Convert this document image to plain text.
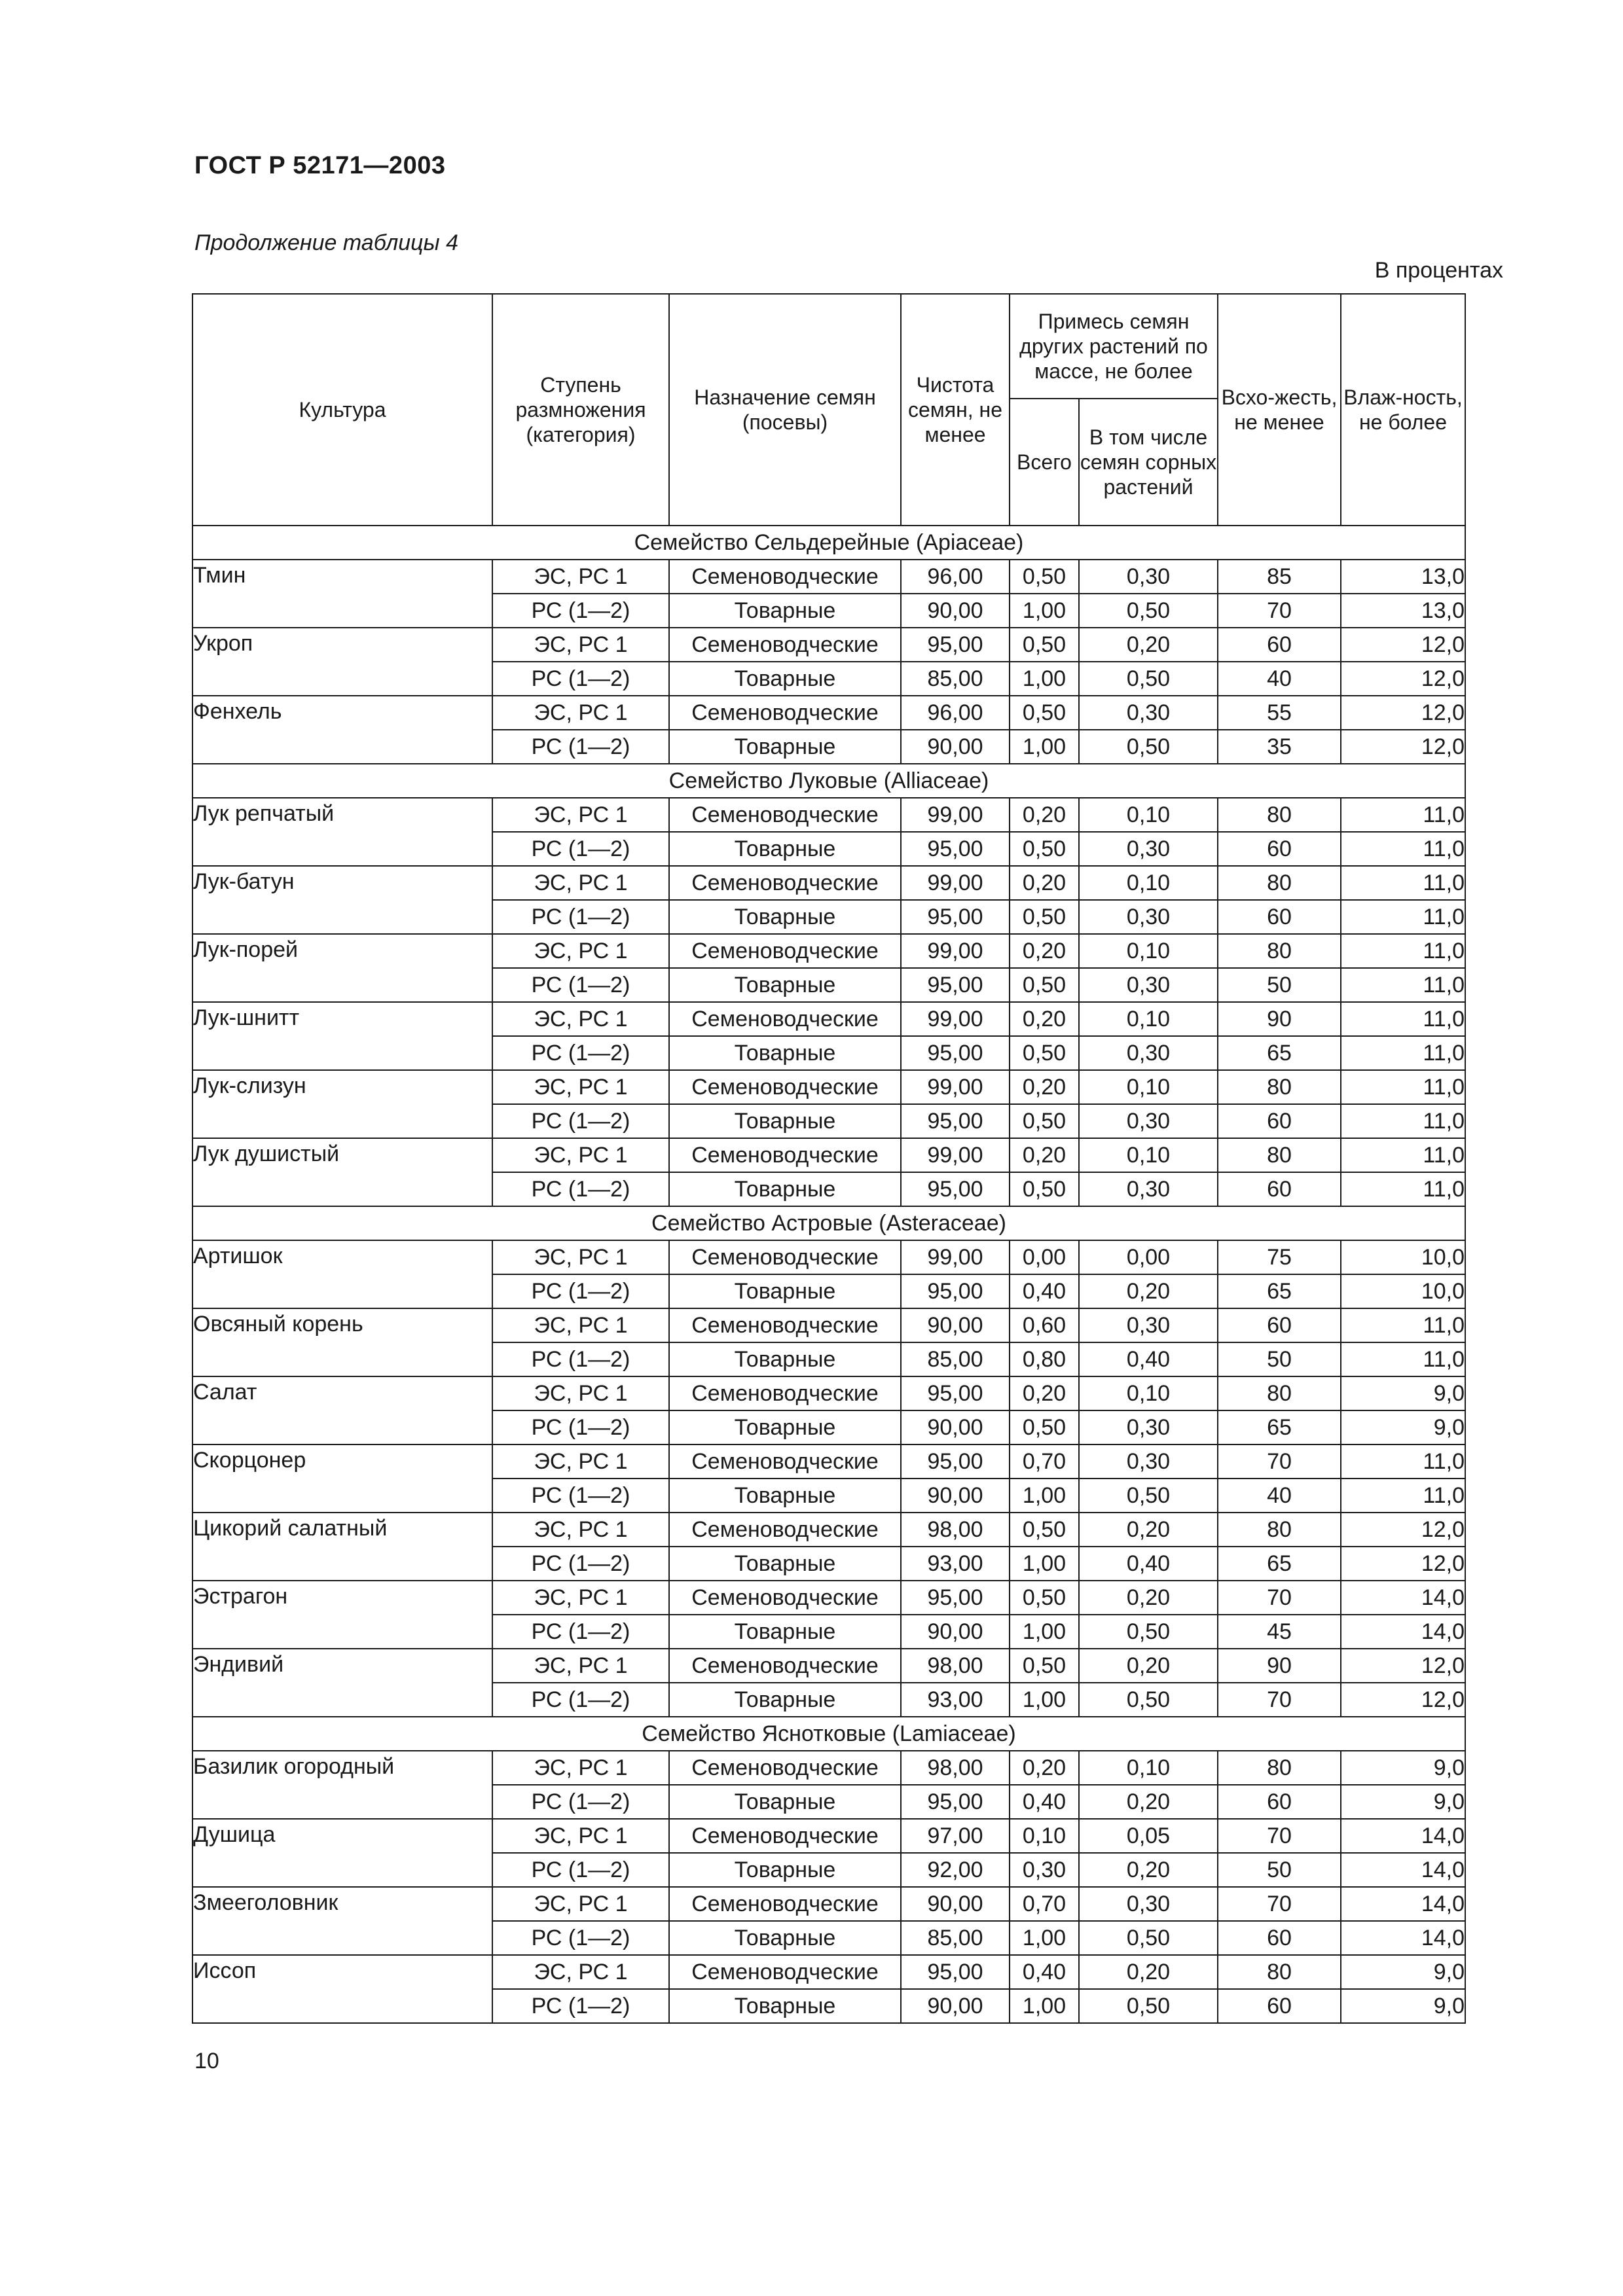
ГОСТ Р 52171—2003
Продолжение таблицы 4
В процентах
Культура	Ступень размножения (категория)	Назначение семян (посевы)	Чистота семян, не менее	Примесь семян других растений по массе, не более		Всхо-жесть, не менее	Влаж-ность, не более
				Всего	В том числе семян сорных растений		
Семейство Сельдерейные (Apiaceae)							
Тмин	ЭС, РС 1	Семеноводческие	96,00	0,50	0,30	85	13,0
	РС (1—2)	Товарные	90,00	1,00	0,50	70	13,0
Укроп	ЭС, РС 1	Семеноводческие	95,00	0,50	0,20	60	12,0
	РС (1—2)	Товарные	85,00	1,00	0,50	40	12,0
Фенхель	ЭС, РС 1	Семеноводческие	96,00	0,50	0,30	55	12,0
	РС (1—2)	Товарные	90,00	1,00	0,50	35	12,0
Семейство Луковые (Alliaceae)							
Лук репчатый	ЭС, РС 1	Семеноводческие	99,00	0,20	0,10	80	11,0
	РС (1—2)	Товарные	95,00	0,50	0,30	60	11,0
Лук-батун	ЭС, РС 1	Семеноводческие	99,00	0,20	0,10	80	11,0
	РС (1—2)	Товарные	95,00	0,50	0,30	60	11,0
Лук-порей	ЭС, РС 1	Семеноводческие	99,00	0,20	0,10	80	11,0
	РС (1—2)	Товарные	95,00	0,50	0,30	50	11,0
Лук-шнитт	ЭС, РС 1	Семеноводческие	99,00	0,20	0,10	90	11,0
	РС (1—2)	Товарные	95,00	0,50	0,30	65	11,0
Лук-слизун	ЭС, РС 1	Семеноводческие	99,00	0,20	0,10	80	11,0
	РС (1—2)	Товарные	95,00	0,50	0,30	60	11,0
Лук душистый	ЭС, РС 1	Семеноводческие	99,00	0,20	0,10	80	11,0
	РС (1—2)	Товарные	95,00	0,50	0,30	60	11,0
Семейство Астровые (Asteraceae)							
Артишок	ЭС, РС 1	Семеноводческие	99,00	0,00	0,00	75	10,0
	РС (1—2)	Товарные	95,00	0,40	0,20	65	10,0
Овсяный корень	ЭС, РС 1	Семеноводческие	90,00	0,60	0,30	60	11,0
	РС (1—2)	Товарные	85,00	0,80	0,40	50	11,0
Салат	ЭС, РС 1	Семеноводческие	95,00	0,20	0,10	80	9,0
	РС (1—2)	Товарные	90,00	0,50	0,30	65	9,0
Скорцонер	ЭС, РС 1	Семеноводческие	95,00	0,70	0,30	70	11,0
	РС (1—2)	Товарные	90,00	1,00	0,50	40	11,0
Цикорий салатный	ЭС, РС 1	Семеноводческие	98,00	0,50	0,20	80	12,0
	РС (1—2)	Товарные	93,00	1,00	0,40	65	12,0
Эстрагон	ЭС, РС 1	Семеноводческие	95,00	0,50	0,20	70	14,0
	РС (1—2)	Товарные	90,00	1,00	0,50	45	14,0
Эндивий	ЭС, РС 1	Семеноводческие	98,00	0,50	0,20	90	12,0
	РС (1—2)	Товарные	93,00	1,00	0,50	70	12,0
Семейство Яснотковые (Lamiaceae)							
Базилик огородный	ЭС, РС 1	Семеноводческие	98,00	0,20	0,10	80	9,0
	РС (1—2)	Товарные	95,00	0,40	0,20	60	9,0
Душица	ЭС, РС 1	Семеноводческие	97,00	0,10	0,05	70	14,0
	РС (1—2)	Товарные	92,00	0,30	0,20	50	14,0
Змееголовник	ЭС, РС 1	Семеноводческие	90,00	0,70	0,30	70	14,0
	РС (1—2)	Товарные	85,00	1,00	0,50	60	14,0
Иссоп	ЭС, РС 1	Семеноводческие	95,00	0,40	0,20	80	9,0
	РС (1—2)	Товарные	90,00	1,00	0,50	60	9,0
10
